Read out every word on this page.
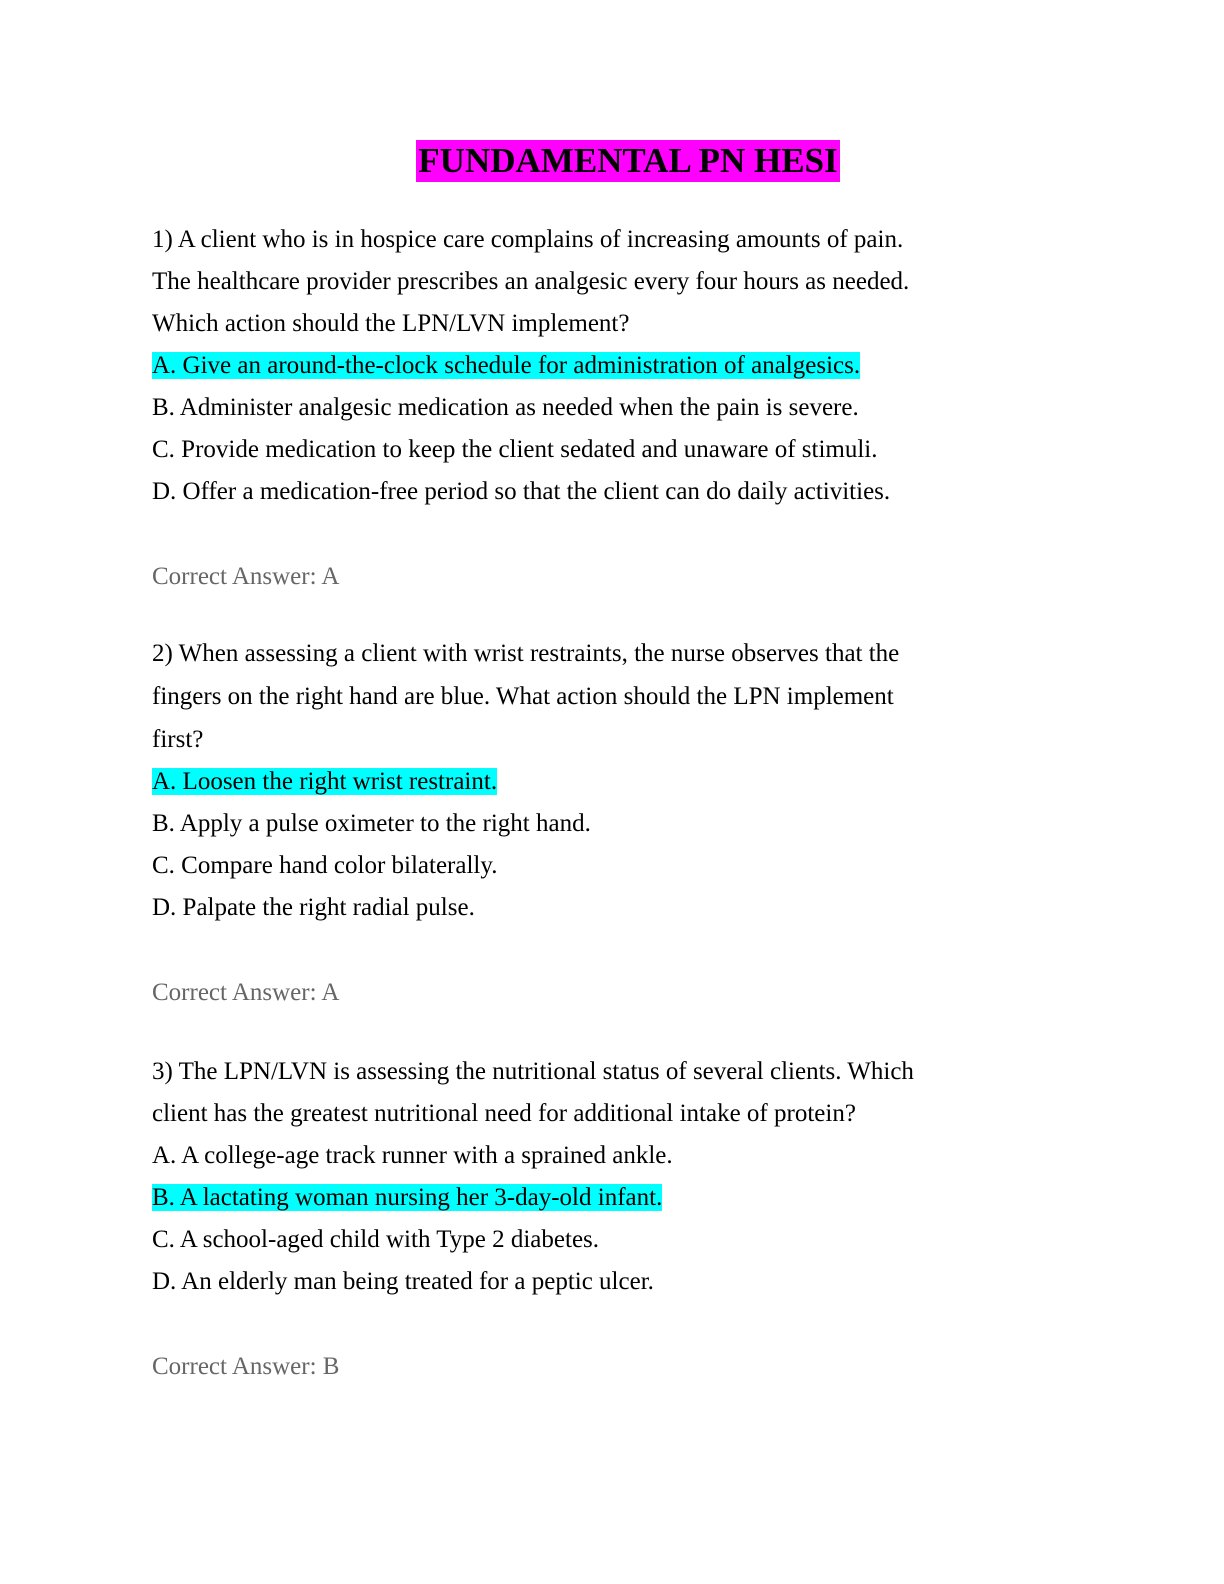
FUNDAMENTAL PN HESI
1) A client who is in hospice care complains of increasing amounts of pain.
The healthcare provider prescribes an analgesic every four hours as needed.
Which action should the LPN/LVN implement?
A. Give an around-the-clock schedule for administration of analgesics.
B. Administer analgesic medication as needed when the pain is severe.
C. Provide medication to keep the client sedated and unaware of stimuli.
D. Offer a medication-free period so that the client can do daily activities.
Correct Answer: A
2) When assessing a client with wrist restraints, the nurse observes that the
fingers on the right hand are blue. What action should the LPN implement
first?
A. Loosen the right wrist restraint.
B. Apply a pulse oximeter to the right hand.
C. Compare hand color bilaterally.
D. Palpate the right radial pulse.
Correct Answer: A
3) The LPN/LVN is assessing the nutritional status of several clients. Which
client has the greatest nutritional need for additional intake of protein?
A. A college-age track runner with a sprained ankle.
B. A lactating woman nursing her 3-day-old infant.
C. A school-aged child with Type 2 diabetes.
D. An elderly man being treated for a peptic ulcer.
Correct Answer: B
